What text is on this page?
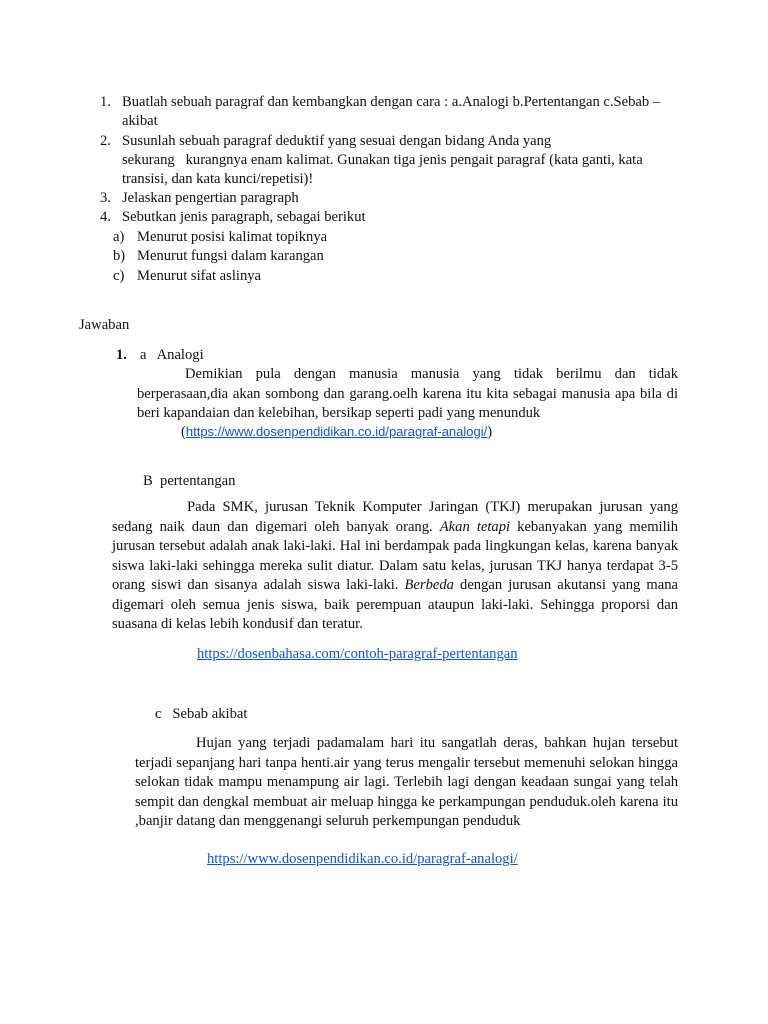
1. Buatlah sebuah paragraf dan kembangkan dengan cara : a.Analogi b.Pertentangan c.Sebab –
akibat
2. Susunlah sebuah paragraf deduktif yang sesuai dengan bidang Anda yang
sekurang   kurangnya enam kalimat. Gunakan tiga jenis pengait paragraf (kata ganti, kata
transisi, dan kata kunci/repetisi)!
3. Jelaskan pengertian paragraph
4. Sebutkan jenis paragraph, sebagai berikut
a) Menurut posisi kalimat topiknya
b) Menurut fungsi dalam karangan
c) Menurut sifat aslinya
Jawaban
1. a   Analogi
Demikian pula dengan manusia manusia yang tidak berilmu dan tidak berperasaan,dia akan sombong dan garang.oelh karena itu kita sebagai manusia apa bila di beri kapandaian dan kelebihan, bersikap seperti padi yang menunduk
(https://www.dosenpendidikan.co.id/paragraf-analogi/)
B  pertentangan
Pada SMK, jurusan Teknik Komputer Jaringan (TKJ) merupakan jurusan yang sedang naik daun dan digemari oleh banyak orang. Akan tetapi kebanyakan yang memilih jurusan tersebut adalah anak laki-laki. Hal ini berdampak pada lingkungan kelas, karena banyak siswa laki-laki sehingga mereka sulit diatur. Dalam satu kelas, jurusan TKJ hanya terdapat 3-5 orang siswi dan sisanya adalah siswa laki-laki. Berbeda dengan jurusan akutansi yang mana digemari oleh semua jenis siswa, baik perempuan ataupun laki-laki. Sehingga proporsi dan suasana di kelas lebih kondusif dan teratur.
https://dosenbahasa.com/contoh-paragraf-pertentangan
c   Sebab akibat
Hujan yang terjadi padamalam hari itu sangatlah deras, bahkan hujan tersebut terjadi sepanjang hari tanpa henti.air yang terus mengalir tersebut memenuhi selokan hingga selokan tidak mampu menampung air lagi. Terlebih lagi dengan keadaan sungai yang telah sempit dan dengkal membuat air meluap hingga ke perkampungan penduduk.oleh karena itu ,banjir datang dan menggenangi seluruh perkempungan penduduk
https://www.dosenpendidikan.co.id/paragraf-analogi/
